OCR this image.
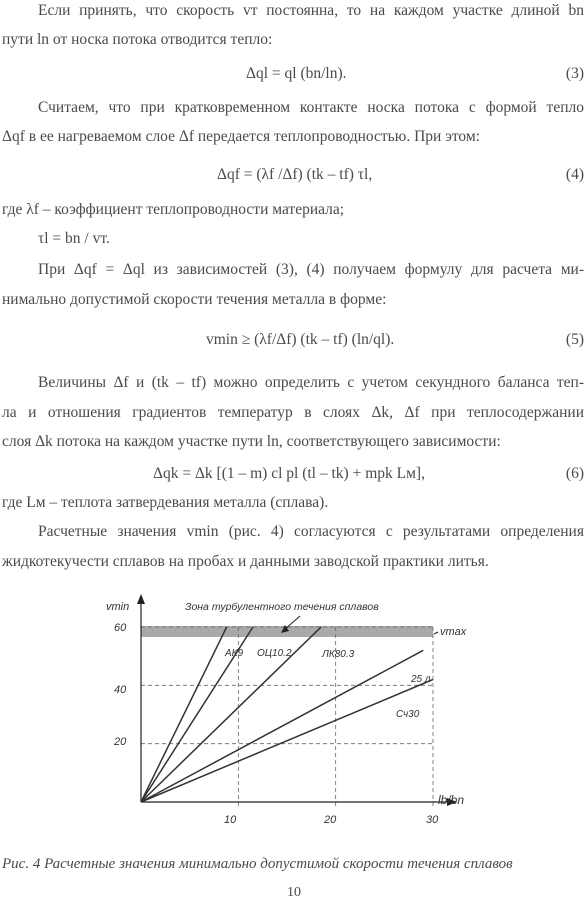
Если принять, что скорость vт постоянна, то на каждом участке длиной bn
пути ln от носка потока отводится тепло:
Δql = ql (bn/ln).	(3)
Считаем, что при кратковременном контакте носка потока с формой тепло
Δqf в ее нагреваемом слое Δf передается теплопроводностью. При этом:
Δqf = (λf /Δf) (tk – tf) τl,	(4)
где λf – коэффициент теплопроводности материала;
τl = bn / vт.
При Δqf = Δql из зависимостей (3), (4) получаем формулу для расчета ми-
нимально допустимой скорости течения металла в форме:
vmin ≥ (λf/Δf) (tk – tf) (ln/ql).	(5)
Величины Δf и (tk – tf) можно определить с учетом секундного баланса теп-
ла и отношения градиентов температур в слоях Δk, Δf при теплосодержании
слоя Δk потока на каждом участке пути ln, соответствующего зависимости:
Δqk = Δk [(1 – m) cl pl (tl – tk) + mpk Lм],	(6)
где Lм – теплота затвердевания металла (сплава).
Расчетные значения vmin (рис. 4) согласуются с результатами определения
жидкотекучести сплавов на пробах и данными заводской практики литья.
АК9 ОЦ10.2	ЛК80.3
25 л
Сч30
vmin
lb/bn
vmax
Зона турбулентного течения сплавов
60
40
20
10	20	30
Рис. 4 Расчетные значения минимально допустимой скорости течения сплавов
10
